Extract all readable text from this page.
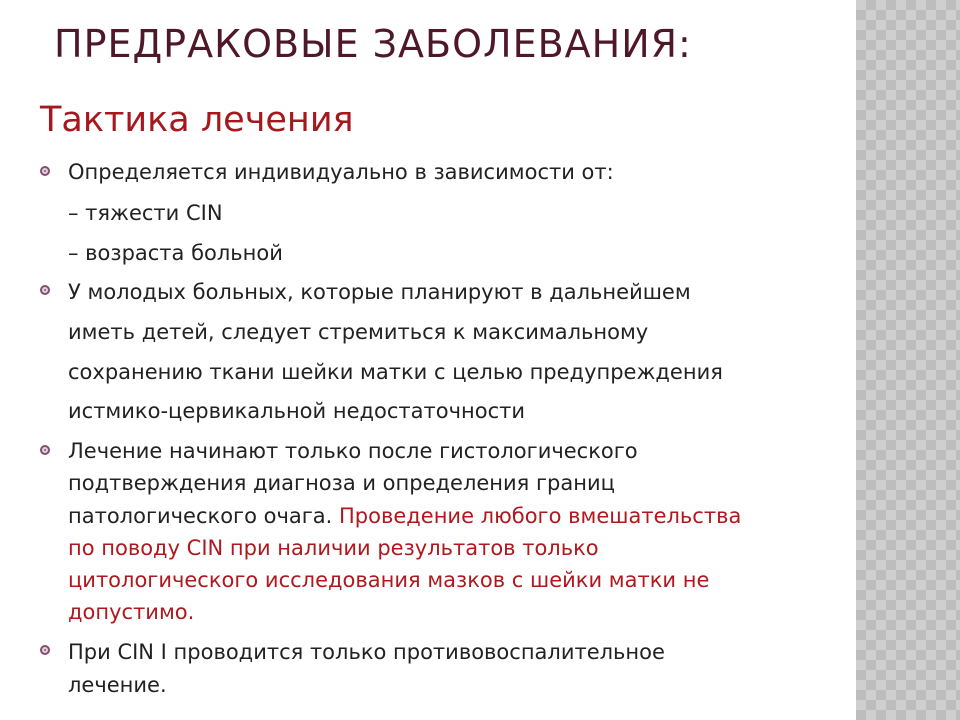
ПРЕДРАКОВЫЕ ЗАБОЛЕВАНИЯ:
Тактика лечения
Определяется индивидуально в зависимости от:
– тяжести CIN
– возраста больной
У молодых больных, которые планируют в дальнейшем
иметь детей, следует стремиться к максимальному
сохранению ткани шейки матки с целью предупреждения
истмико-цервикальной недостаточности
Лечение начинают только после гистологического
подтверждения диагноза и определения границ
патологического очага. Проведение любого вмешательства
по поводу CIN при наличии результатов только
цитологического исследования мазков с шейки матки не
допустимо.
При CIN I проводится только противовоспалительное
лечение.
